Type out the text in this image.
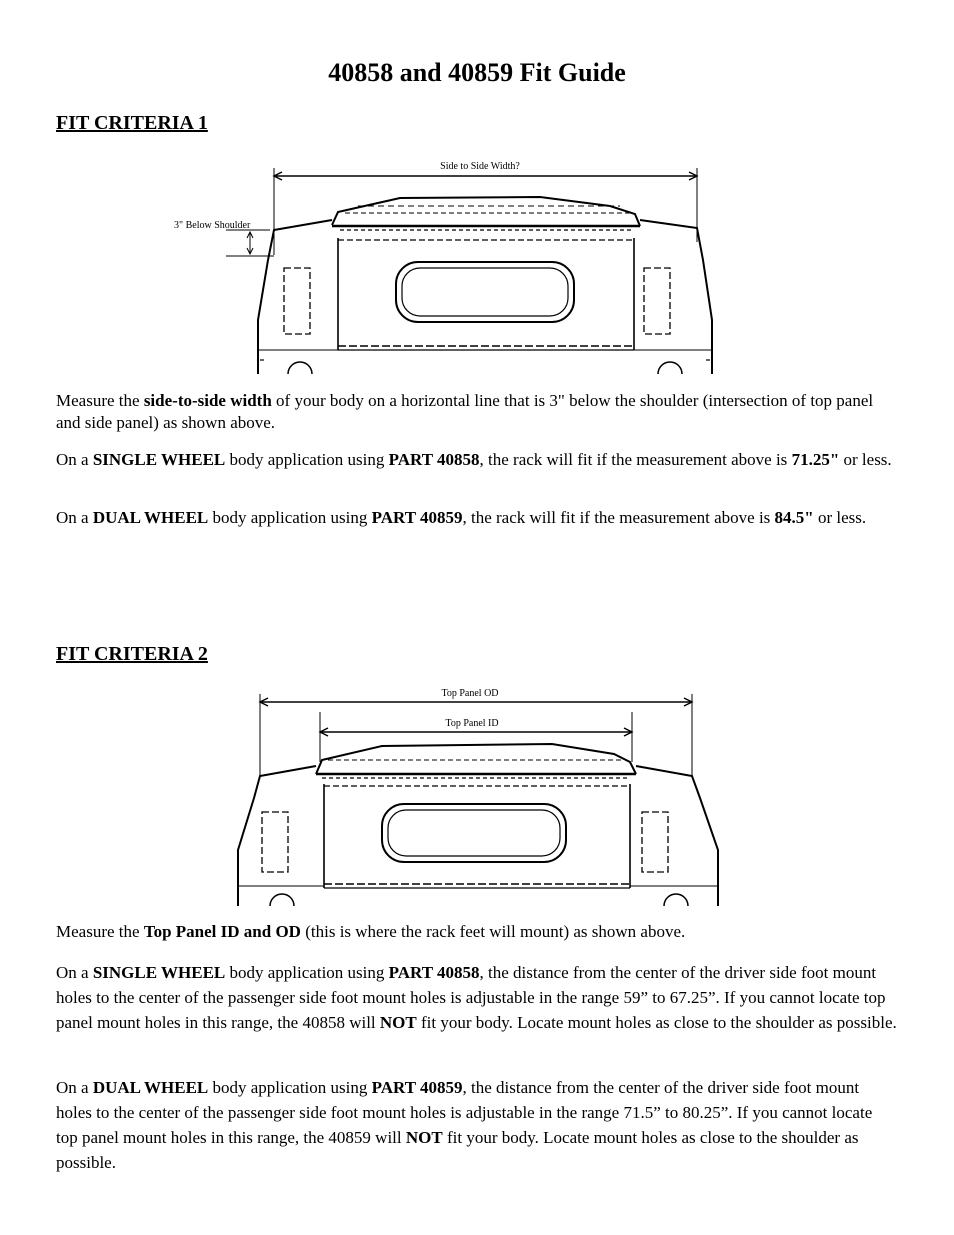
40858 and 40859 Fit Guide
FIT CRITERIA 1
Side to Side Width?
3" Below Shoulder

Measure the side-to-side width of your body on a horizontal line that is 3" below the shoulder (intersection of top panel and side panel) as shown above.

On a SINGLE WHEEL body application using PART 40858, the rack will fit if the measurement above is 71.25" or less.

On a DUAL WHEEL body application using PART 40859, the rack will fit if the measurement above is 84.5" or less.

FIT CRITERIA 2
Top Panel OD
Top Panel ID

Measure the Top Panel ID and OD (this is where the rack feet will mount) as shown above.

On a SINGLE WHEEL body application using PART 40858, the distance from the center of the driver side foot mount holes to the center of the passenger side foot mount holes is adjustable in the range 59” to 67.25”. If you cannot locate top panel mount holes in this range, the 40858 will NOT fit your body. Locate mount holes as close to the shoulder as possible.

On a DUAL WHEEL body application using PART 40859, the distance from the center of the driver side foot mount holes to the center of the passenger side foot mount holes is adjustable in the range 71.5” to 80.25”. If you cannot locate top panel mount holes in this range, the 40859 will NOT fit your body. Locate mount holes as close to the shoulder as possible.
